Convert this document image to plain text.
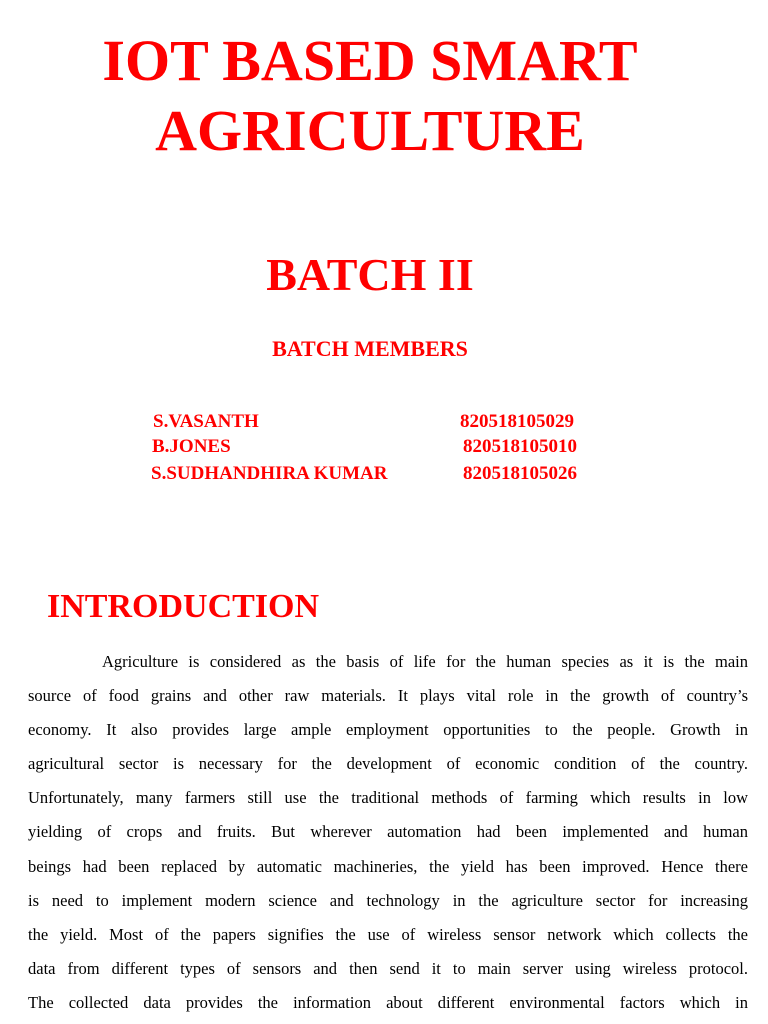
IOT BASED SMART
AGRICULTURE
BATCH II
BATCH MEMBERS
S.VASANTH	820518105029
B.JONES	820518105010
S.SUDHANDHIRA KUMAR	820518105026
INTRODUCTION
Agriculture is considered as the basis of life for the human species as it is the main
source of food grains and other raw materials. It plays vital role in the growth of country’s
economy. It also provides large ample employment opportunities to the people. Growth in
agricultural sector is necessary for the development of economic condition of the country.
Unfortunately, many farmers still use the traditional methods of farming which results in low
yielding of crops and fruits. But wherever automation had been implemented and human
beings had been replaced by automatic machineries, the yield has been improved. Hence there
is need to implement modern science and technology in the agriculture sector for increasing
the yield. Most of the papers signifies the use of wireless sensor network which collects the
data from different types of sensors and then send it to main server using wireless protocol.
The collected data provides the information about different environmental factors which in
